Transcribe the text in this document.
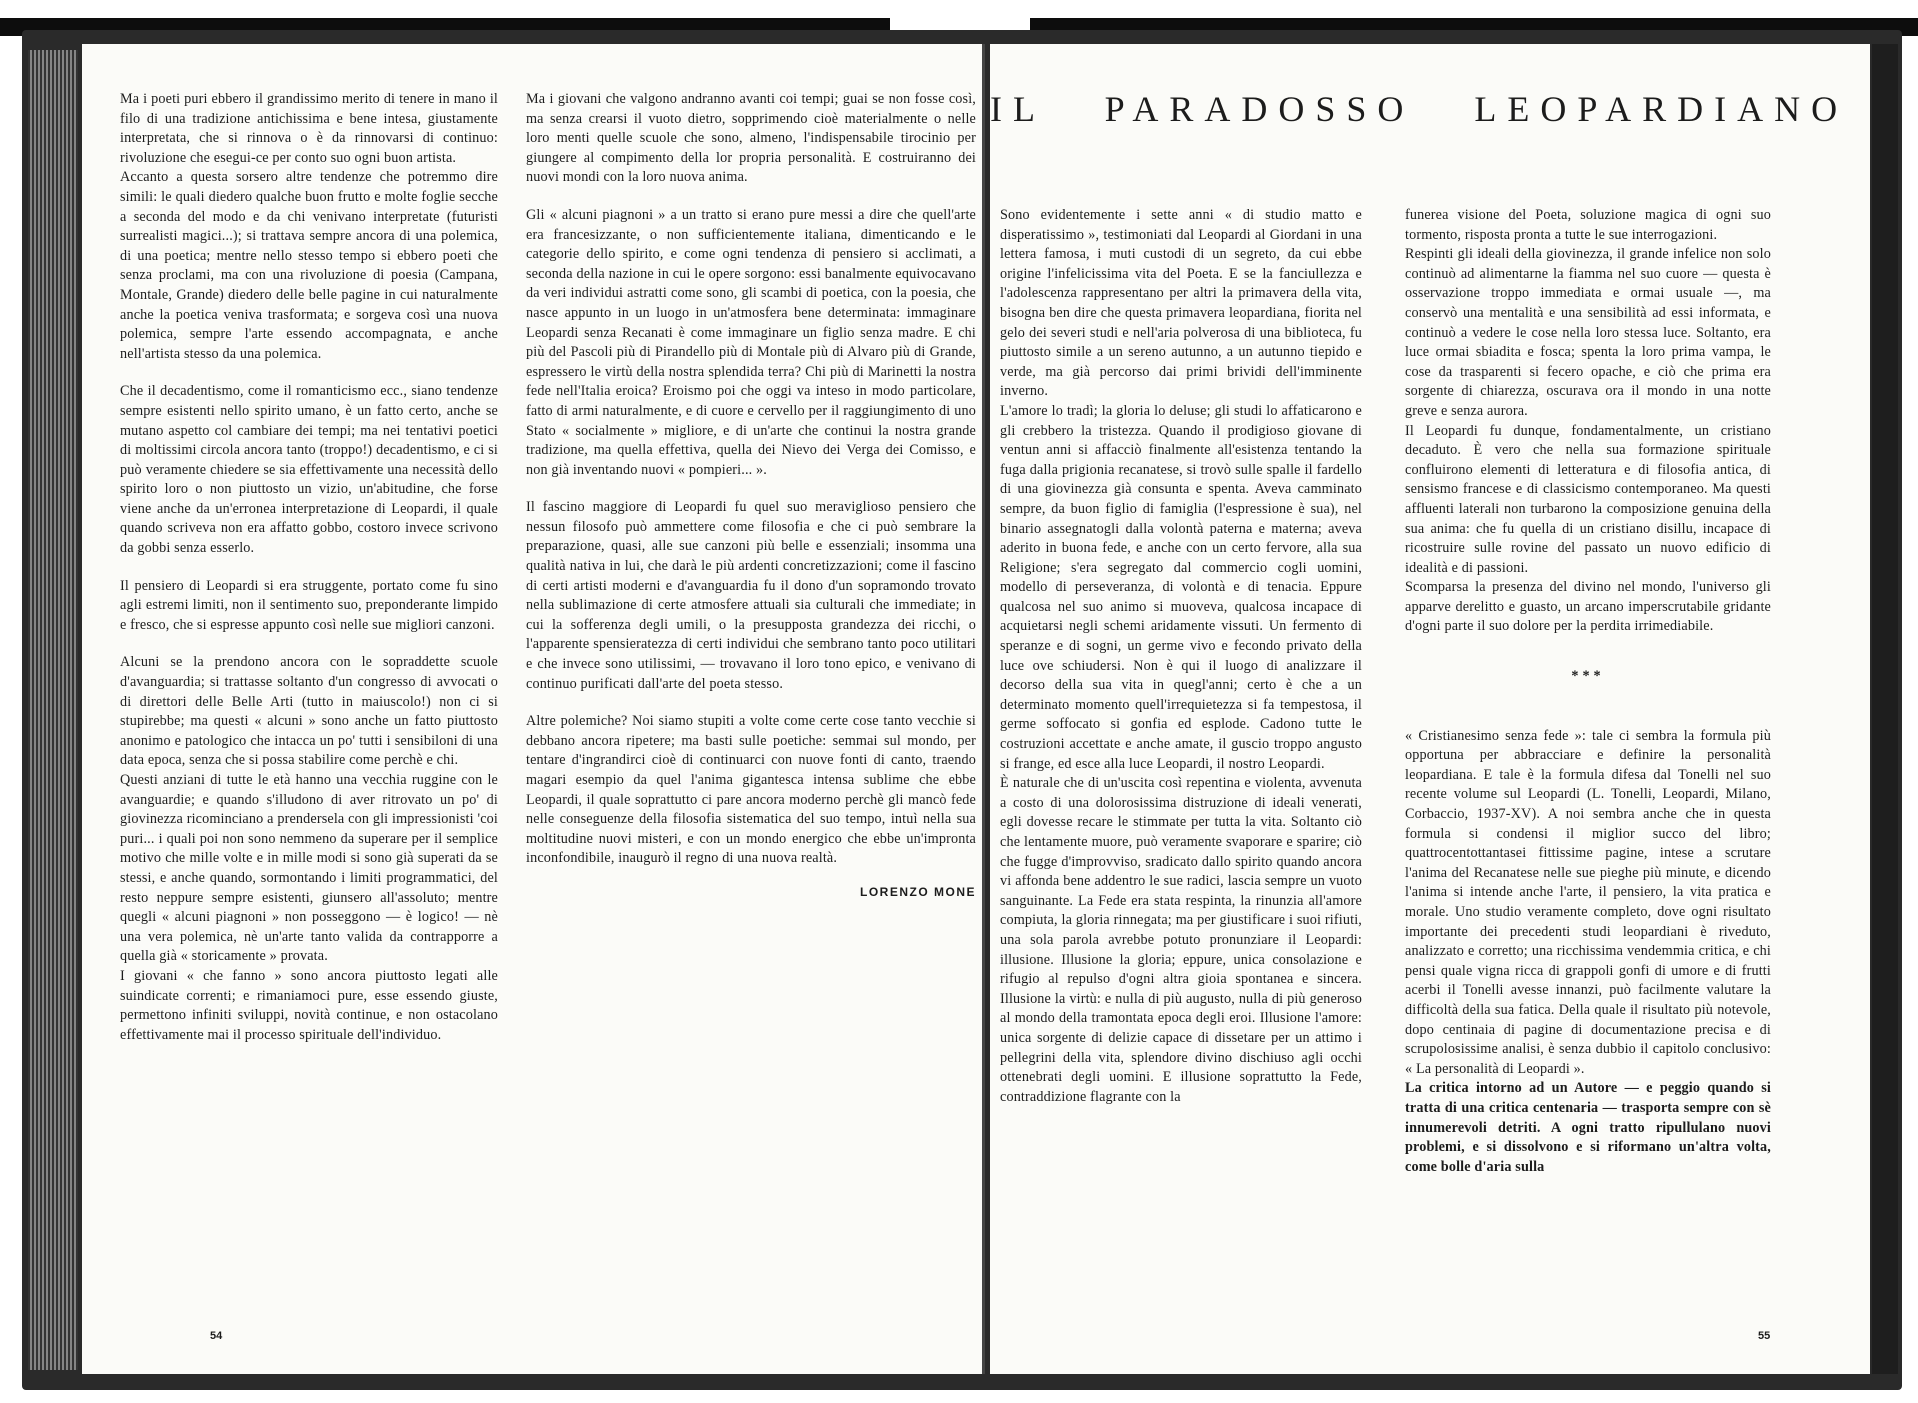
Ma i poeti puri ebbero il grandissimo merito di tenere in mano il filo di una tradizione antichissima e bene intesa, giustamente interpretata, che si rinnova o è da rinnovarsi di continuo: rivoluzione che esegui-ce per conto suo ogni buon artista.

Accanto a questa sorsero altre tendenze che potremmo dire simili: le quali diedero qualche buon frutto e molte foglie secche a seconda del modo e da chi venivano interpretate (futuristi surrealisti magici...); si trattava sempre ancora di una polemica, di una poetica; mentre nello stesso tempo si ebbero poeti che senza proclami, ma con una rivoluzione di poesia (Campana, Montale, Grande) diedero delle belle pagine in cui naturalmente anche la poetica veniva trasformata; e sorgeva così una nuova polemica, sempre l'arte essendo accompagnata, e anche nell'artista stesso da una polemica.

Che il decadentismo, come il romanticismo ecc., siano tendenze sempre esistenti nello spirito umano, è un fatto certo, anche se mutano aspetto col cambiare dei tempi; ma nei tentativi poetici di moltissimi circola ancora tanto (troppo!) decadentismo, e ci si può veramente chiedere se sia effettivamente una necessità dello spirito loro o non piuttosto un vizio, un'abitudine, che forse viene anche da un'erronea interpretazione di Leopardi, il quale quando scriveva non era affatto gobbo, costoro invece scrivono da gobbi senza esserlo.

Il pensiero di Leopardi si era struggente, portato come fu sino agli estremi limiti, non il sentimento suo, preponderante limpido e fresco, che si espresse appunto così nelle sue migliori canzoni.

Alcuni se la prendono ancora con le sopraddette scuole d'avanguardia; si trattasse soltanto d'un congresso di avvocati o di direttori delle Belle Arti (tutto in maiuscolo!) non ci si stupirebbe; ma questi « alcuni » sono anche un fatto piuttosto anonimo e patologico che intacca un po' tutti i sensibiloni di una data epoca, senza che si possa stabilire come perchè e chi.

Questi anziani di tutte le età hanno una vecchia ruggine con le avanguardie; e quando s'illudono di aver ritrovato un po' di giovinezza ricominciano a prendersela con gli impressionisti 'coi puri... i quali poi non sono nemmeno da superare per il semplice motivo che mille volte e in mille modi si sono già superati da se stessi, e anche quando, sormontando i limiti programmatici, del resto neppure sempre esistenti, giunsero all'assoluto; mentre quegli « alcuni piagnoni » non posseggono — è logico! — nè una vera polemica, nè un'arte tanto valida da contrapporre a quella già « storicamente » provata.

I giovani « che fanno » sono ancora piuttosto legati alle suindicate correnti; e rimaniamoci pure, esse essendo giuste, permettono infiniti sviluppi, novità continue, e non ostacolano effettivamente mai il processo spirituale dell'individuo.

Ma i giovani che valgono andranno avanti coi tempi; guai se non fosse così, ma senza crearsi il vuoto dietro, sopprimendo cioè materialmente o nelle loro menti quelle scuole che sono, almeno, l'indispensabile tirocinio per giungere al compimento della lor propria personalità. E costruiranno dei nuovi mondi con la loro nuova anima.

Gli « alcuni piagnoni » a un tratto si erano pure messi a dire che quell'arte era francesizzante, o non sufficientemente italiana, dimenticando e le categorie dello spirito, e come ogni tendenza di pensiero si acclimati, a seconda della nazione in cui le opere sorgono: essi banalmente equivocavano da veri individui astratti come sono, gli scambi di poetica, con la poesia, che nasce appunto in un luogo in un'atmosfera bene determinata: immaginare Leopardi senza Recanati è come immaginare un figlio senza madre. E chi più del Pascoli più di Pirandello più di Montale più di Alvaro più di Grande, espressero le virtù della nostra splendida terra? Chi più di Marinetti la nostra fede nell'Italia eroica? Eroismo poi che oggi va inteso in modo particolare, fatto di armi naturalmente, e di cuore e cervello per il raggiungimento di uno Stato « socialmente » migliore, e di un'arte che continui la nostra grande tradizione, ma quella effettiva, quella dei Nievo dei Verga dei Comisso, e non già inventando nuovi « pompieri... ».

Il fascino maggiore di Leopardi fu quel suo meraviglioso pensiero che nessun filosofo può ammettere come filosofia e che ci può sembrare la preparazione, quasi, alle sue canzoni più belle e essenziali; insomma una qualità nativa in lui, che darà le più ardenti concretizzazioni; come il fascino di certi artisti moderni e d'avanguardia fu il dono d'un sopramondo trovato nella sublimazione di certe atmosfere attuali sia culturali che immediate; in cui la sofferenza degli umili, o la presupposta grandezza dei ricchi, o l'apparente spensieratezza di certi individui che sembrano tanto poco utilitari e che invece sono utilissimi, — trovavano il loro tono epico, e venivano di continuo purificati dall'arte del poeta stesso.

Altre polemiche? Noi siamo stupiti a volte come certe cose tanto vecchie si debbano ancora ripetere; ma basti sulle poetiche: semmai sul mondo, per tentare d'ingrandirci cioè di continuarci con nuove fonti di canto, traendo magari esempio da quel l'anima gigantesca intensa sublime che ebbe Leopardi, il quale soprattutto ci pare ancora moderno perchè gli mancò fede nelle conseguenze della filosofia sistematica del suo tempo, intuì nella sua moltitudine nuovi misteri, e con un mondo energico che ebbe un'impronta inconfondibile, inaugurò il regno di una nuova realtà.

LORENZO MONE
IL PARADOSSO LEOPARDIANO

Sono evidentemente i sette anni « di studio matto e disperatissimo », testimoniati dal Leopardi al Giordani in una lettera famosa, i muti custodi di un segreto, da cui ebbe origine l'infelicissima vita del Poeta. E se la fanciullezza e l'adolescenza rappresentano per altri la primavera della vita, bisogna ben dire che questa primavera leopardiana, fiorita nel gelo dei severi studi e nell'aria polverosa di una biblioteca, fu piuttosto simile a un sereno autunno, a un autunno tiepido e verde, ma già percorso dai primi brividi dell'imminente inverno.

L'amore lo tradì; la gloria lo deluse; gli studi lo affaticarono e gli crebbero la tristezza. Quando il prodigioso giovane di ventun anni si affacciò finalmente all'esistenza tentando la fuga dalla prigionia recanatese, si trovò sulle spalle il fardello di una giovinezza già consunta e spenta. Aveva camminato sempre, da buon figlio di famiglia (l'espressione è sua), nel binario assegnatogli dalla volontà paterna e materna; aveva aderito in buona fede, e anche con un certo fervore, alla sua Religione; s'era segregato dal commercio cogli uomini, modello di perseveranza, di volontà e di tenacia. Eppure qualcosa nel suo animo si muoveva, qualcosa incapace di acquietarsi negli schemi aridamente vissuti. Un fermento di speranze e di sogni, un germe vivo e fecondo privato della luce ove schiudersi. Non è qui il luogo di analizzare il decorso della sua vita in quegl'anni; certo è che a un determinato momento quell'irrequietezza si fa tempestosa, il germe soffocato si gonfia ed esplode. Cadono tutte le costruzioni accettate e anche amate, il guscio troppo angusto si frange, ed esce alla luce Leopardi, il nostro Leopardi.

È naturale che di un'uscita così repentina e violenta, avvenuta a costo di una dolorosissima distruzione di ideali venerati, egli dovesse recare le stimmate per tutta la vita. Soltanto ciò che lentamente muore, può veramente svaporare e sparire; ciò che fugge d'improvviso, sradicato dallo spirito quando ancora vi affonda bene addentro le sue radici, lascia sempre un vuoto sanguinante. La Fede era stata respinta, la rinunzia all'amore compiuta, la gloria rinnegata; ma per giustificare i suoi rifiuti, una sola parola avrebbe potuto pronunziare il Leopardi: illusione. Illusione la gloria; eppure, unica consolazione e rifugio al repulso d'ogni altra gioia spontanea e sincera. Illusione la virtù: e nulla di più augusto, nulla di più generoso al mondo della tramontata epoca degli eroi. Illusione l'amore: unica sorgente di delizie capace di dissetare per un attimo i pellegrini della vita, splendore divino dischiuso agli occhi ottenebrati degli uomini. E illusione soprattutto la Fede, contraddizione flagrante con la

funerea visione del Poeta, soluzione magica di ogni suo tormento, risposta pronta a tutte le sue interrogazioni.

Respinti gli ideali della giovinezza, il grande infelice non solo continuò ad alimentarne la fiamma nel suo cuore — questa è osservazione troppo immediata e ormai usuale —, ma conservò una mentalità e una sensibilità ad essi informata, e continuò a vedere le cose nella loro stessa luce. Soltanto, era luce ormai sbiadita e fosca; spenta la loro prima vampa, le cose da trasparenti si fecero opache, e ciò che prima era sorgente di chiarezza, oscurava ora il mondo in una notte greve e senza aurora.

Il Leopardi fu dunque, fondamentalmente, un cristiano decaduto. È vero che nella sua formazione spirituale confluirono elementi di letteratura e di filosofia antica, di sensismo francese e di classicismo contemporaneo. Ma questi affluenti laterali non turbarono la composizione genuina della sua anima: che fu quella di un cristiano disillu, incapace di ricostruire sulle rovine del passato un nuovo edificio di idealità e di passioni.

Scomparsa la presenza del divino nel mondo, l'universo gli apparve derelitto e guasto, un arcano imperscrutabile gridante d'ogni parte il suo dolore per la perdita irrimediabile.

***

« Cristianesimo senza fede »: tale ci sembra la formula più opportuna per abbracciare e definire la personalità leopardiana. E tale è la formula difesa dal Tonelli nel suo recente volume sul Leopardi (L. Tonelli, Leopardi, Milano, Corbaccio, 1937-XV). A noi sembra anche che in questa formula si condensi il miglior succo del libro; quattrocentottantasei fittissime pagine, intese a scrutare l'anima del Recanatese nelle sue pieghe più minute, e dicendo l'anima si intende anche l'arte, il pensiero, la vita pratica e morale. Uno studio veramente completo, dove ogni risultato importante dei precedenti studi leopardiani è riveduto, analizzato e corretto; una ricchissima vendemmia critica, e chi pensi quale vigna ricca di grappoli gonfi di umore e di frutti acerbi il Tonelli avesse innanzi, può facilmente valutare la difficoltà della sua fatica. Della quale il risultato più notevole, dopo centinaia di pagine di documentazione precisa e di scrupolosissime analisi, è senza dubbio il capitolo conclusivo: « La personalità di Leopardi ».

La critica intorno ad un Autore — e peggio quando si tratta di una critica centenaria — trasporta sempre con sè innumerevoli detriti. A ogni tratto ripullulano nuovi problemi, e si dissolvono e si riformano un'altra volta, come bolle d'aria sulla

54	55
